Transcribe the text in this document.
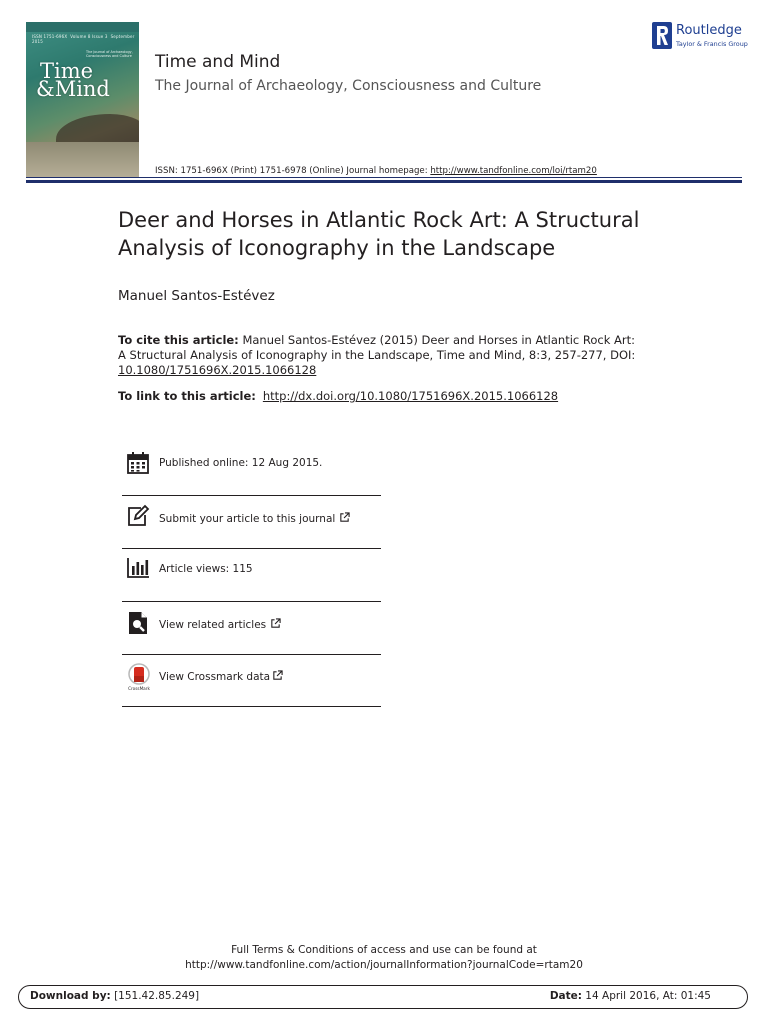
ISSN 1751-696X Volume 8 Issue 3 September 2015
The Journal of Archaeology, Consciousness and Culture
Time
&Mind
Time and Mind
The Journal of Archaeology, Consciousness and Culture
ISSN: 1751-696X (Print) 1751-6978 (Online) Journal homepage: http://www.tandfonline.com/loi/rtam20
Routledge
Taylor & Francis Group
Deer and Horses in Atlantic Rock Art: A Structural Analysis of Iconography in the Landscape
Manuel Santos-Estévez
To cite this article: Manuel Santos-Estévez (2015) Deer and Horses in Atlantic Rock Art: A Structural Analysis of Iconography in the Landscape, Time and Mind, 8:3, 257-277, DOI:
10.1080/1751696X.2015.1066128
To link to this article: http://dx.doi.org/10.1080/1751696X.2015.1066128
Published online: 12 Aug 2015.
Submit your article to this journal
Article views: 115
View related articles
CrossMark
View Crossmark data
Full Terms & Conditions of access and use can be found at
http://www.tandfonline.com/action/journalInformation?journalCode=rtam20
Download by: [151.42.85.249]	Date: 14 April 2016, At: 01:45
